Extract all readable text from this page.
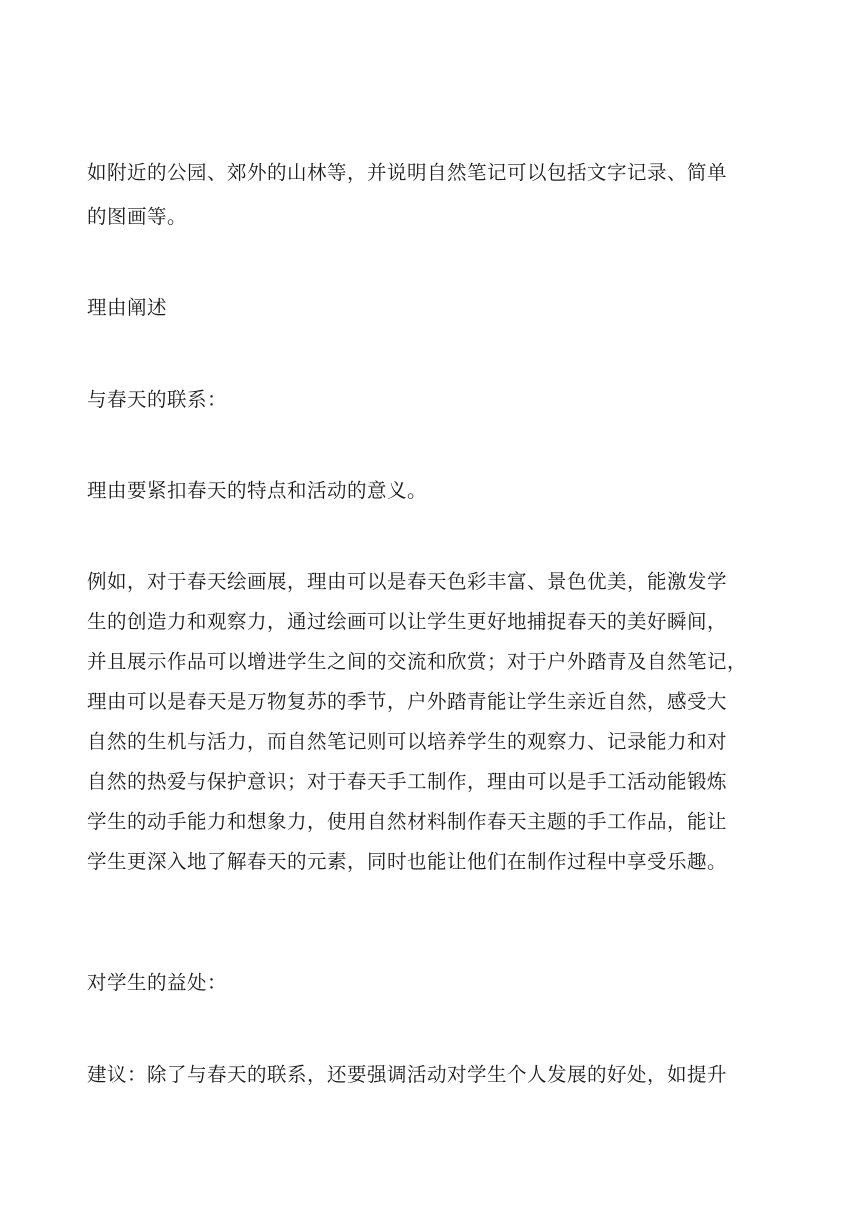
如附近的公园、郊外的山林等，并说明自然笔记可以包括文字记录、简单

的图画等。

理由阐述

与春天的联系：

理由要紧扣春天的特点和活动的意义。

例如，对于春天绘画展，理由可以是春天色彩丰富、景色优美，能激发学

生的创造力和观察力，通过绘画可以让学生更好地捕捉春天的美好瞬间，

并且展示作品可以增进学生之间的交流和欣赏；对于户外踏青及自然笔记，

理由可以是春天是万物复苏的季节，户外踏青能让学生亲近自然，感受大

自然的生机与活力，而自然笔记则可以培养学生的观察力、记录能力和对

自然的热爱与保护意识；对于春天手工制作，理由可以是手工活动能锻炼

学生的动手能力和想象力，使用自然材料制作春天主题的手工作品，能让

学生更深入地了解春天的元素，同时也能让他们在制作过程中享受乐趣。

对学生的益处：

建议：除了与春天的联系，还要强调活动对学生个人发展的好处，如提升
